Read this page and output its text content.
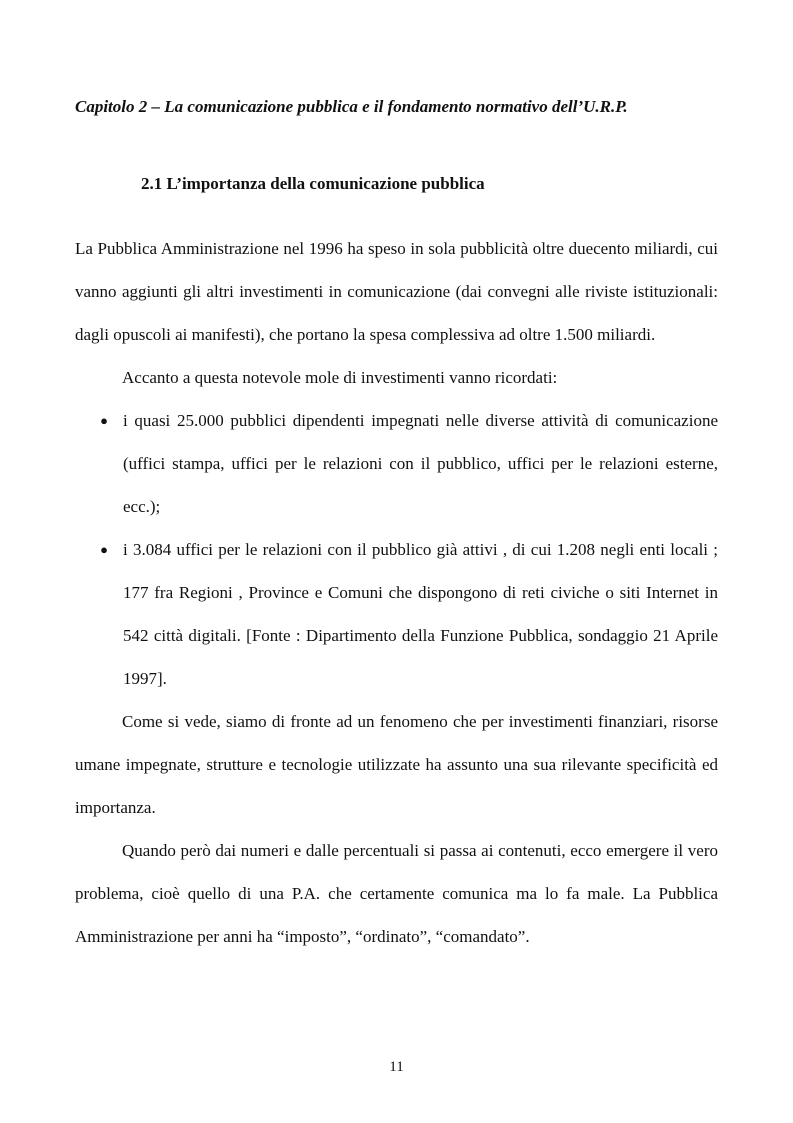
Capitolo 2 – La comunicazione pubblica e il fondamento normativo dell’U.R.P.
2.1 L’importanza della comunicazione pubblica

La Pubblica Amministrazione nel 1996 ha speso in sola pubblicità oltre duecento miliardi, cui vanno aggiunti gli altri investimenti in comunicazione (dai convegni alle riviste istituzionali: dagli opuscoli ai manifesti), che portano la spesa complessiva ad oltre 1.500 miliardi.

Accanto a questa notevole mole di investimenti vanno ricordati:

● i quasi 25.000 pubblici dipendenti impegnati nelle diverse attività di comunicazione (uffici stampa, uffici per le relazioni con il pubblico, uffici per le relazioni esterne, ecc.);
● i 3.084 uffici per le relazioni con il pubblico già attivi , di cui 1.208 negli enti locali ; 177 fra Regioni , Province e Comuni che dispongono di reti civiche o siti Internet in 542 città digitali. [Fonte : Dipartimento della Funzione Pubblica, sondaggio 21 Aprile 1997].

Come si vede, siamo di fronte ad un fenomeno che per investimenti finanziari, risorse umane impegnate, strutture e tecnologie utilizzate ha assunto una sua rilevante specificità ed importanza.

Quando però dai numeri e dalle percentuali si passa ai contenuti, ecco emergere il vero problema, cioè quello di una P.A. che certamente comunica ma lo fa male. La Pubblica Amministrazione per anni ha “imposto”, “ordinato”, “comandato”.

11
